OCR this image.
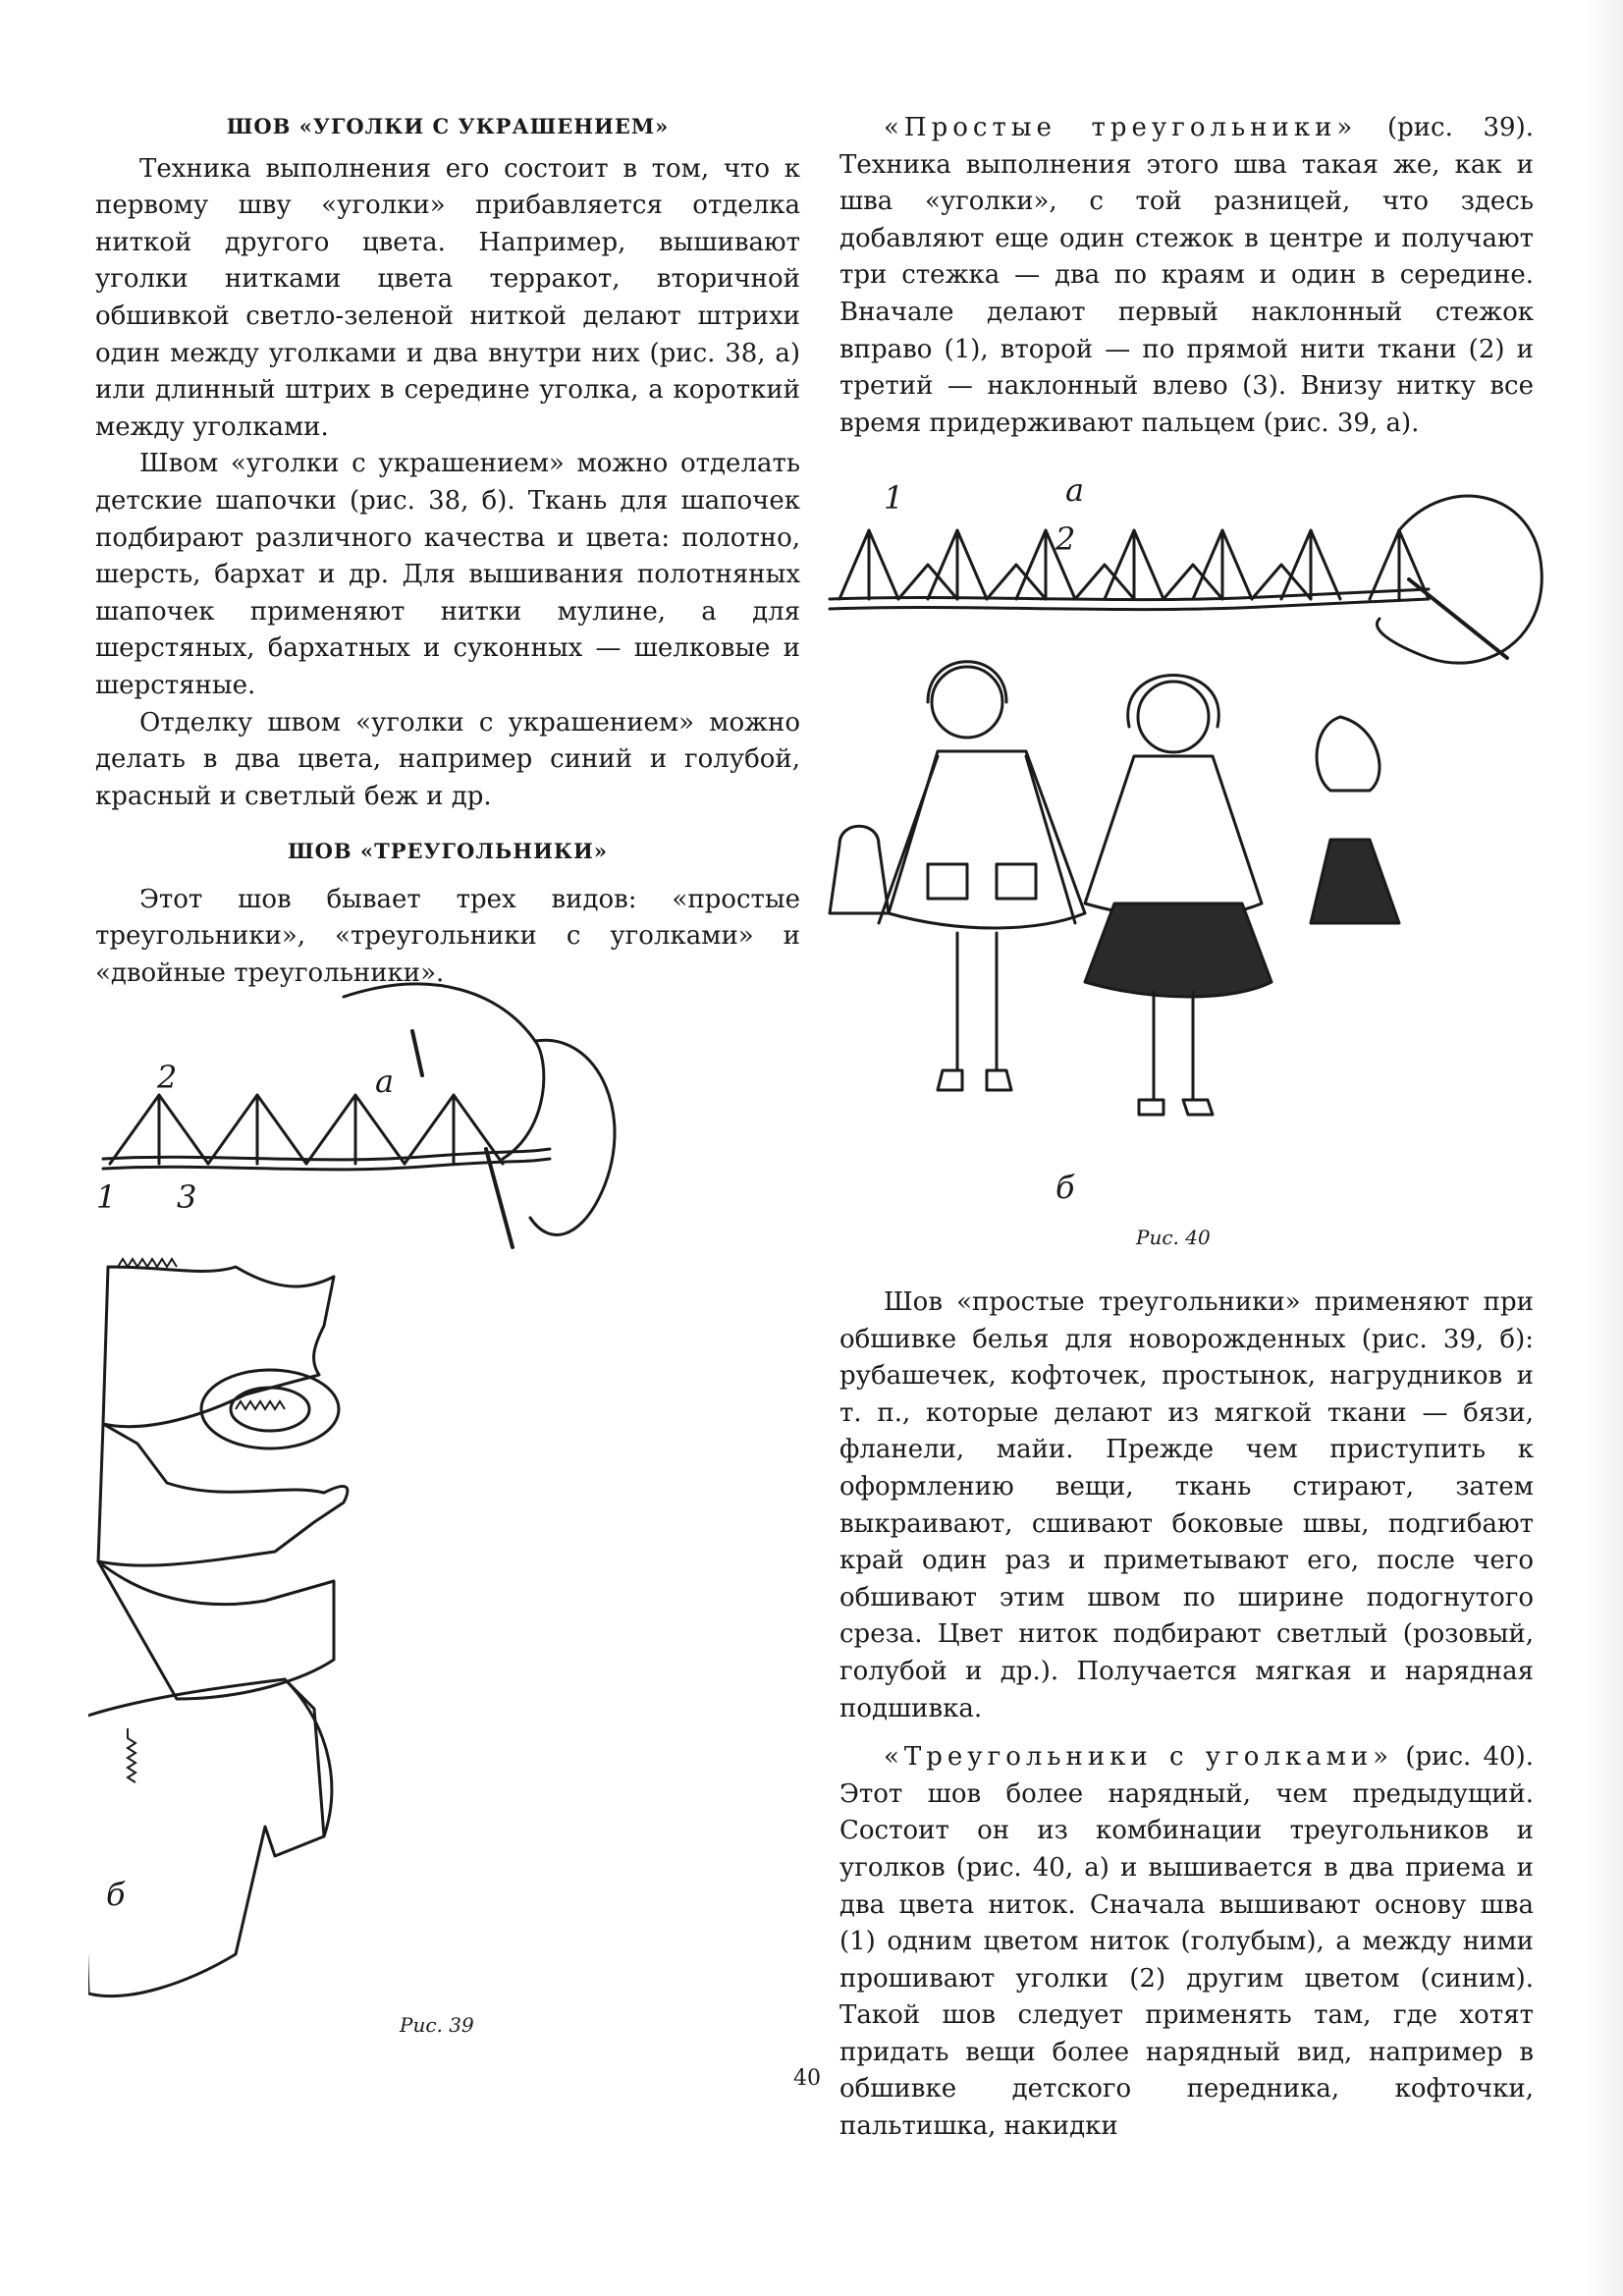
ШОВ «УГОЛКИ С УКРАШЕНИЕМ»

Техника выполнения его состоит в том, что к первому шву «уголки» прибавляется отделка ниткой другого цвета. Например, вышивают уголки нитками цвета терракот, вторичной обшивкой светло-зеленой ниткой делают штрихи один между уголками и два внутри них (рис. 38, а) или длинный штрих в середине уголка, а короткий между уголками.

Швом «уголки с украшением» можно отделать детские шапочки (рис. 38, б). Ткань для шапочек подбирают различного качества и цвета: полотно, шерсть, бархат и др. Для вышивания полотняных шапочек применяют нитки мулине, а для шерстяных, бархатных и суконных — шелковые и шерстяные.

Отделку швом «уголки с украшением» можно делать в два цвета, например синий и голубой, красный и светлый беж и др.

ШОВ «ТРЕУГОЛЬНИКИ»

Этот шов бывает трех видов: «простые треугольники», «треугольники с уголками» и «двойные треугольники».

а
2
1 3
б
Рис. 39

«Простые треугольники» (рис. 39). Техника выполнения этого шва такая же, как и шва «уголки», с той разницей, что здесь добавляют еще один стежок в центре и получают три стежка — два по краям и один в середине. Вначале делают первый наклонный стежок вправо (1), второй — по прямой нити ткани (2) и третий — наклонный влево (3). Внизу нитку все время придерживают пальцем (рис. 39, а).

1	а
2
б
Рис. 40

Шов «простые треугольники» применяют при обшивке белья для новорожденных (рис. 39, б): рубашечек, кофточек, простынок, нагрудников и т. п., которые делают из мягкой ткани — бязи, фланели, майи. Прежде чем приступить к оформлению вещи, ткань стирают, затем выкраивают, сшивают боковые швы, подгибают край один раз и приметывают его, после чего обшивают этим швом по ширине подогнутого среза. Цвет ниток подбирают светлый (розовый, голубой и др.). Получается мягкая и нарядная подшивка.

«Треугольники с уголками» (рис. 40). Этот шов более нарядный, чем предыдущий. Состоит он из комбинации треугольников и уголков (рис. 40, а) и вышивается в два приема и два цвета ниток. Сначала вышивают основу шва (1) одним цветом ниток (голубым), а между ними прошивают уголки (2) другим цветом (синим). Такой шов следует применять там, где хотят придать вещи более нарядный вид, например в обшивке детского передника, кофточки, пальтишка, накидки

40
